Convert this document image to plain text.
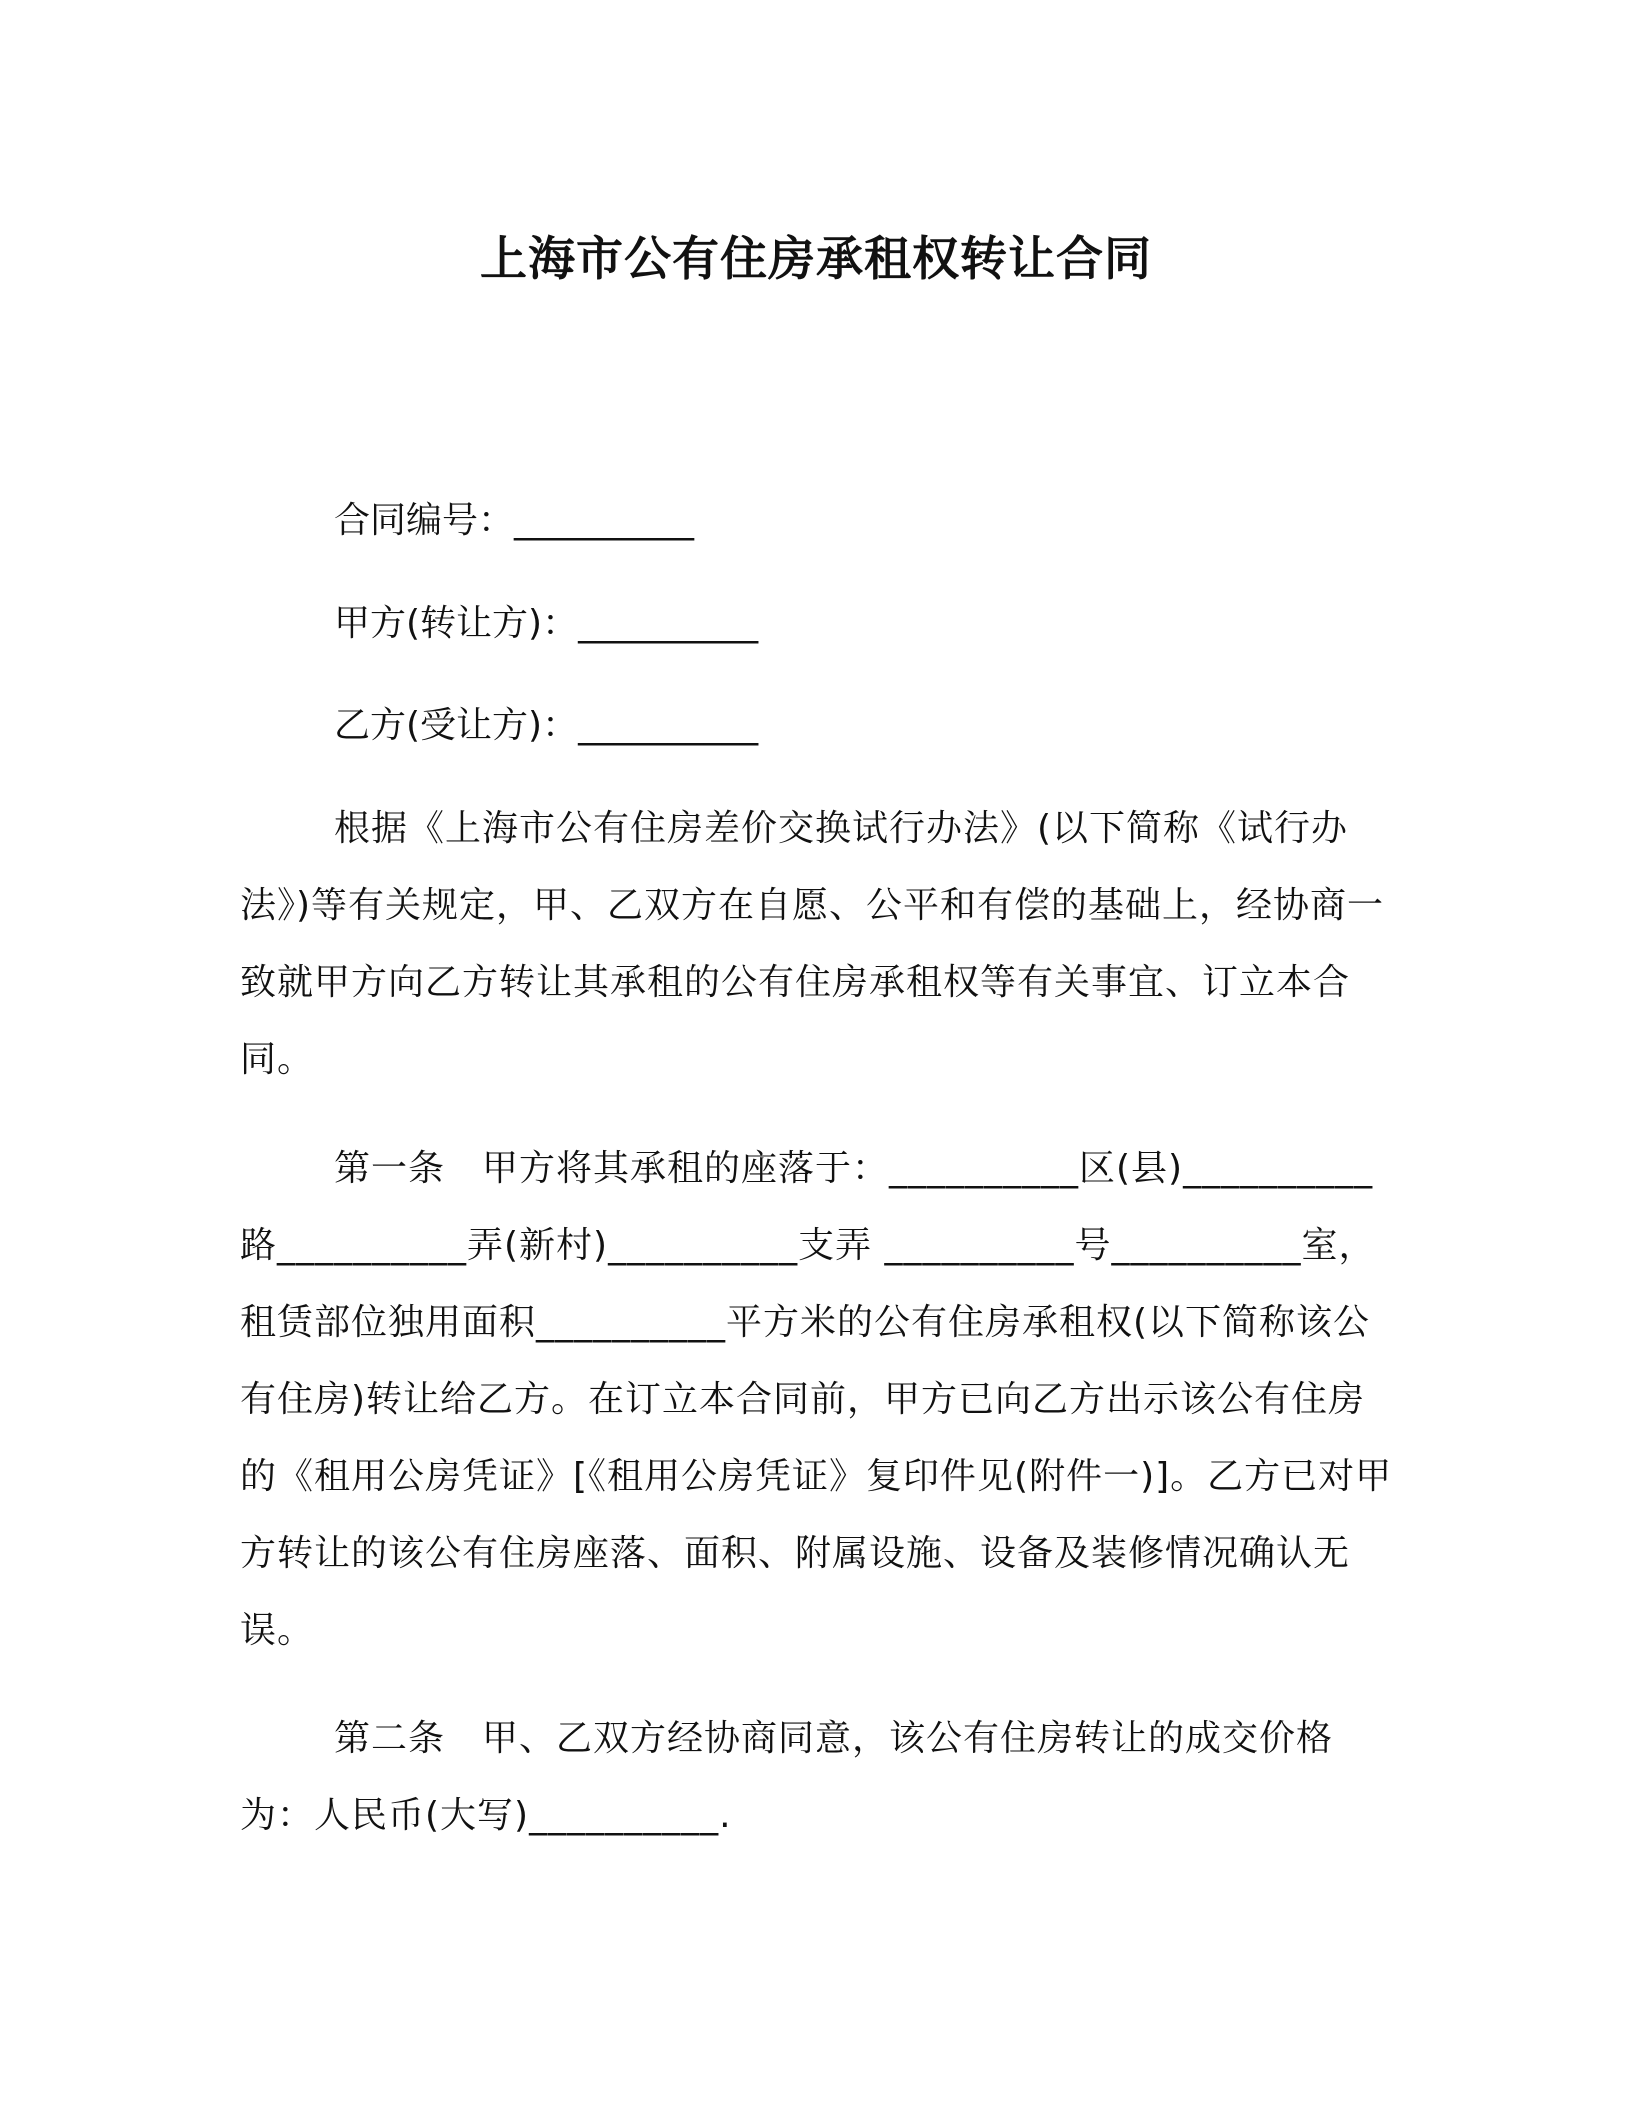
上海市公有住房承租权转让合同
合同编号：__________
甲方(转让方)：__________
乙方(受让方)：__________
根据《上海市公有住房差价交换试行办法》(以下简称《试行办法》)等有关规定，甲、乙双方在自愿、公平和有偿的基础上，经协商一致就甲方向乙方转让其承租的公有住房承租权等有关事宜、订立本合同。
第一条　甲方将其承租的座落于：__________区(县)__________路__________弄(新村)__________支弄 __________号__________室，租赁部位独用面积__________平方米的公有住房承租权(以下简称该公有住房)转让给乙方。在订立本合同前，甲方已向乙方出示该公有住房的《租用公房凭证》[《租用公房凭证》复印件见(附件一)]。乙方已对甲方转让的该公有住房座落、面积、附属设施、设备及装修情况确认无误。
第二条　甲、乙双方经协商同意，该公有住房转让的成交价格为：人民币(大写)__________.
